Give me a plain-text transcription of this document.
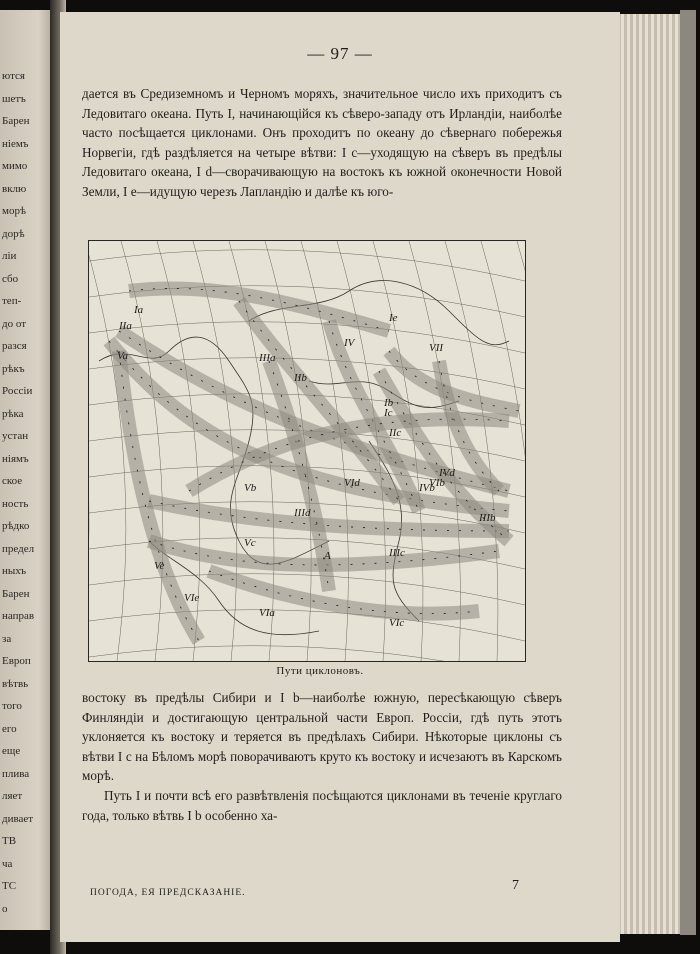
ются
шетъ
Барен
ніемъ
мимо
вклю
морѣ
дорѣ
ліи
сбо
теп-
до от
разся
рѣкъ
Россіи
рѣка
устан
ніямъ
ское
ность
рѣдко
предел
ныхъ
Барен
направ
за
Европ
вѣтвь
того
его
еще
плива
ляет
дивает
ТВ
ча
ТС
о
— 97 —

дается въ Средиземномъ и Черномъ моряхъ, значительное число ихъ приходитъ съ Ледовитаго океана. Путь I, начинающійся къ сѣверо-западу отъ Ирландіи, наиболѣе часто посѣщается циклонами. Онъ проходитъ по океану до сѣвернаго побережья Норвегіи, гдѣ раздѣляется на четыре вѣтви: I c—уходящую на сѣверъ въ предѣлы Ледовитаго океана, I d—сворачивающую на востокъ къ южной оконечности Новой Земли, I e—идущую черезъ Лапландію и далѣе къ юго-

Ia
Ie
IIa
IIb
IIc
IIIa
IIId
IV
IVb
IVd
Va
Vb
Vc
Ve
VIa
VIb
VIc
VId
VIe
VII
Ib
Ic
IIIb
IIIc
A
Пути циклоновъ.

востоку въ предѣлы Сибири и I b—наиболѣе южную, пересѣкающую сѣверъ Финляндіи и достигающую центральной части Европ. Россіи, гдѣ путь этотъ уклоняется къ востоку и теряется въ предѣлахъ Сибири. Нѣкоторые циклоны съ вѣтви I c на Бѣломъ морѣ поворачиваютъ круто къ востоку и исчезаютъ въ Карскомъ морѣ.

Путь I и почти всѣ его развѣтвленія посѣщаются циклонами въ теченіе круглаго года, только вѣтвь I b особенно ха-

ПОГОДА, ЕЯ ПРЕДСКАЗАНІЕ.	7
